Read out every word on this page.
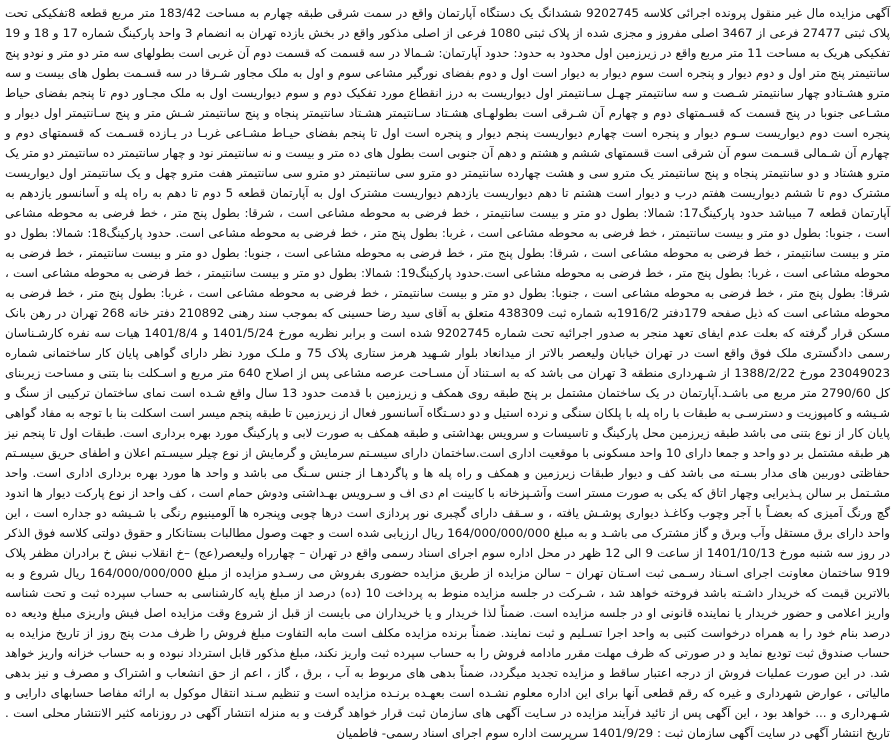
آگهی مزایده مال غیر منقول پرونده اجرائی کلاسه 9202745 ششدانگ یک دستگاه آپارتمان واقع در سمت شرقی طبقه چهارم به مساحت 183/42 متر مربع قطعه 8تفکیکی تحت پلاک ثبتی 27477 فرعی از 3467 اصلی مفروز و مجزی شده از پلاک ثبتی 1080 فرعی از اصلی مذکور واقع در بخش یازده تهران به انضمام 3 واحد پارکینگ شماره 17 و 18 و 19 تفکیکی هریک به مساحت 11 متر مربع واقع در زیرزمین اول محدود به حدود: حدود آپارتمان: شـمالا در سه قسمت که قسمت دوم آن غربی است بطولهای سه متر دو متر و نودو پنج سانتیمتر پنج متر اول و دوم دیوار و پنجره است سوم دیوار به دیوار است اول و دوم بفضای نورگیر مشاعی سوم و اول به ملک مجاور شـرقا در سه قسـمت بطول های بیست و سه مترو هشـتادو چهار سانتیمتر شـصت و سه سانتیمتر چهـل سـانتیمتر اول دیواریست به درز انقطاع مورد تفکیک دوم و سوم دیواریست اول به ملک مجـاور دوم تا پنجم بفضای حیاط مشـاعی جنوبا در پنج قسمت که قسـمتهای دوم و چهارم آن شـرقی است بطولهـای هشـتاد سـانتیمتر هشـتاد سانتیمتر پنجاه و پنج سانتیمتر شـش متر و پنج سـانتیمتر اول دیوار و پنجره است دوم دیواریست سـوم دیوار و پنجره است چهارم دیواریست پنجم دیوار و پنجره است اول تا پنجم بفضای حیـاط مشـاعی غربـا در یـازده قسـمت که قسمتهای دوم و چهارم آن شـمالی قسـمت سوم آن شرقی است قسمتهای ششم و هشتم و دهم آن جنوبی است بطول های ده متر و بیست و نه سانتیمتر نود و چهار سانتیمتر ده سانتیمتر دو متر یک مترو هشتاد و دو سانتیمتر پنجاه و پنج سانتیمتر یک مترو سی و هشت چهارده سانتیمتر دو مترو سی سانتیمتر دو مترو سی سانتیمتر هفت مترو چهل و یک سانتیمتر اول دیواریست مشترک دوم تا ششم دیواریست هفتم درب و دیوار است هشتم تا دهم دیواریست یازدهم دیواریست مشترک اول به آپارتمان قطعه 5 دوم تا دهم به راه پله و آسانسور یازدهم به آپارتمان قطعه 7 میباشد حدود پارکینگ17: شمالا: بطول دو متر و بیست سانتیمتر ، خط فرضی به محوطه مشاعی است ، شرقا: بطول پنج متر ، خط فرضی به محوطه مشاعی است ، جنوبا: بطول دو متر و بیست سانتیمتر ، خط فرضی به محوطه مشاعی است ، غربا: بطول پنج متر ، خط فرضی به محوطه مشاعی است. حدود پارکینگ18: شمالا: بطول دو متر و بیست سانتیمتر ، خط فرضی به محوطه مشاعی است ، شرقا: بطول پنج متر ، خط فرضی به محوطه مشاعی است ، جنوبا: بطول دو متر و بیست سانتیمتر ، خط فرضی به محوطه مشاعی است ، غربا: بطول پنج متر ، خط فرضی به محوطه مشاعی است.حدود پارکینگ19: شمالا: بطول دو متر و بیست سانتیمتر ، خط فرضی به محوطه مشاعی است ، شرقا: بطول پنج متر ، خط فرضی به محوطه مشاعی است ، جنوبا: بطول دو متر و بیست سانتیمتر ، خط فرضی به محوطه مشاعی است ، غربا: بطول پنج متر ، خط فرضی به محوطه مشاعی است که ذیل صفحه 179دفتر 1916/2به شماره ثبت 438309 متعلق به آقای سید رضا حسینی که بموجب سند رهنی 210892 دفتر خانه 268 تهران در رهن بانک مسکن قرار گرفته که بعلت عدم ایفای تعهد منجر به صدور اجرائیه تحت شماره 9202745 شده است و برابر نظریه مورخ 1401/5/24 و 1401/8/4 هیات سه نفره کارشـناسان رسمی دادگستری ملک فوق واقع است در تهران خیابان ولیعصر بالاتر از میدانعاد بلوار شـهید هرمز ستاری پلاک 75 و ملـک مورد نظر دارای گواهی پایان کار ساختمانی شماره 23049023 مورخ 1388/2/22 از شـهرداری منطقه 3 تهران می باشد که به اسـتناد آن مسـاحت عرصه مشاعی پس از اصلاح 640 متر مربع و اسـکلت بنا بتنی و مساحت زیربنای کل 2790/60 متر مربع می باشـد.آپارتمان در یک ساختمان مشتمل بر پنج طبقه روی همکف و زیرزمین با قدمت حدود 13 سال واقع شـده است نمای ساختمان ترکیبی از سنگ و شـیشه و کامپوزیت و دسترسـی به طبقات با راه پله با پلکان سنگی و نرده استیل و دو دسـتگاه آسانسور فعال از زیرزمین تا طبقه پنجم میسر است اسکلت بنا با توجه به مفاد گواهی پایان کار از نوع بتنی می باشد طبقه زیرزمین محل پارکینگ و تاسیسات و سرویس بهداشتی و طبقه همکف به صورت لابی و پارکینگ مورد بهره برداری است. طبقات اول تا پنجم نیز هر طبقه مشتمل بر دو واحد و جمعا دارای 10 واحد مسکونی با موقعیت اداری است.ساختمان دارای سیسـتم سرمایش و گرمایش از نوع چیلر سیسـتم اعلان و اطفای حریق سیسـتم حفاظتی دوربین های مدار بسـته می باشد کف و دیوار طبقات زیرزمین و همکف و راه پله ها و پاگردهـا از جنس سـنگ می باشد و واحد ها مورد بهره برداری اداری است. واحد مشـتمل بر سالن پـذیرایی وچهار اتاق که یکی به صورت مستر است وآشـپزخانه با کابینت ام دی اف و سـرویس بهـداشتی ودوش حمام است ، کف واحد از نوع پارکت دیوار ها اندود گچ ورنگ آمیزی که بعضـاً با آجر وچوب وکاغـذ دیواری پوشـش یافته ، و سـقف دارای گچبری نور پردازی است درها چوبی وپنجره ها آلومینیوم رنگی با شـیشه دو جداره است ، این واحد دارای برق مستقل وآب وبرق و گاز مشترک می باشـد و به مبلغ 164/000/000/000 ریال ارزیابی شده است و جهت وصول مطالبات بستانکار و حقوق دولتی کلاسه فوق الذکر در روز سه شنبه مورخ 1401/10/13 از ساعت 9 الی 12 ظهر در محل اداره سوم اجرای اسناد رسمی واقع در تهران – چهارراه ولیعصر(عج) –خ انقلاب نبش خ برادران مظفر پلاک 919 ساختمان معاونت اجرای اسـناد رسـمی ثبت اسـتان تهران – سالن مزایده از طریق مزایده حضوری بفروش می رسـدو مزایده از مبلغ 164/000/000/000 ریال شروع و به بالاترین قیمت که خریدار داشـته باشد فروخته خواهد شد ، شـرکت در جلسه مزایده منوط به پرداخت 10 (ده) درصد از مبلغ پایه کارشناسی به حساب سپرده ثبت و تحت شناسه واریز اعلامی و حضور خریدار یا نماینده قانونی او در جلسه مزایده است. ضمناً لذا خریدار و یا خریداران می بایست از قبل از شروع وقت مزایده اصل فیش واریزی مبلغ ودیعه ده درصد بنام خود را به همراه درخواست کتبی به واحد اجرا تسـلیم و ثبت نمایند. ضمناً برنده مزایده مکلف است مابه التفاوت مبلغ فروش را ظرف مدت پنج روز از تاریخ مزایده به حساب صندوق ثبت تودیع نماید و در صورتی که ظرف مهلت مقرر مادامه فروش را به حساب سپرده ثبت واریز نکند، مبلغ مذکور قابل استرداد نبوده و به حساب خزانه واریز خواهد شد. در این صورت عملیات فروش از درجه اعتبار ساقط و مزایده تجدید میگردد، ضمناً بدهی های مربوط به آب ، برق ، گاز ، اعم از حق انشعاب و اشتراک و مصرف و نیز بدهی مالیاتی ، عوارض شهرداری و غیره که رقم قطعی آنها برای این اداره معلوم نشـده است بعهـده برنـده مزایده است و تنظیم سـند انتقال موکول به ارائه مفاصا حسابهای دارایی و شـهرداری و ... خواهد بود ، این آگهی پس از تائید فرآیند مزایده در سـایت آگهی های سازمان ثبت قرار خواهد گرفت و به منزله انتشار آگهی در روزنامه کثیر الانتشار محلی است . تاریخ انتشار آگهی در سایت آگهی سازمان ثبت : 1401/9/29 سرپرست اداره سوم اجرای اسناد رسمی- فاطمیان
